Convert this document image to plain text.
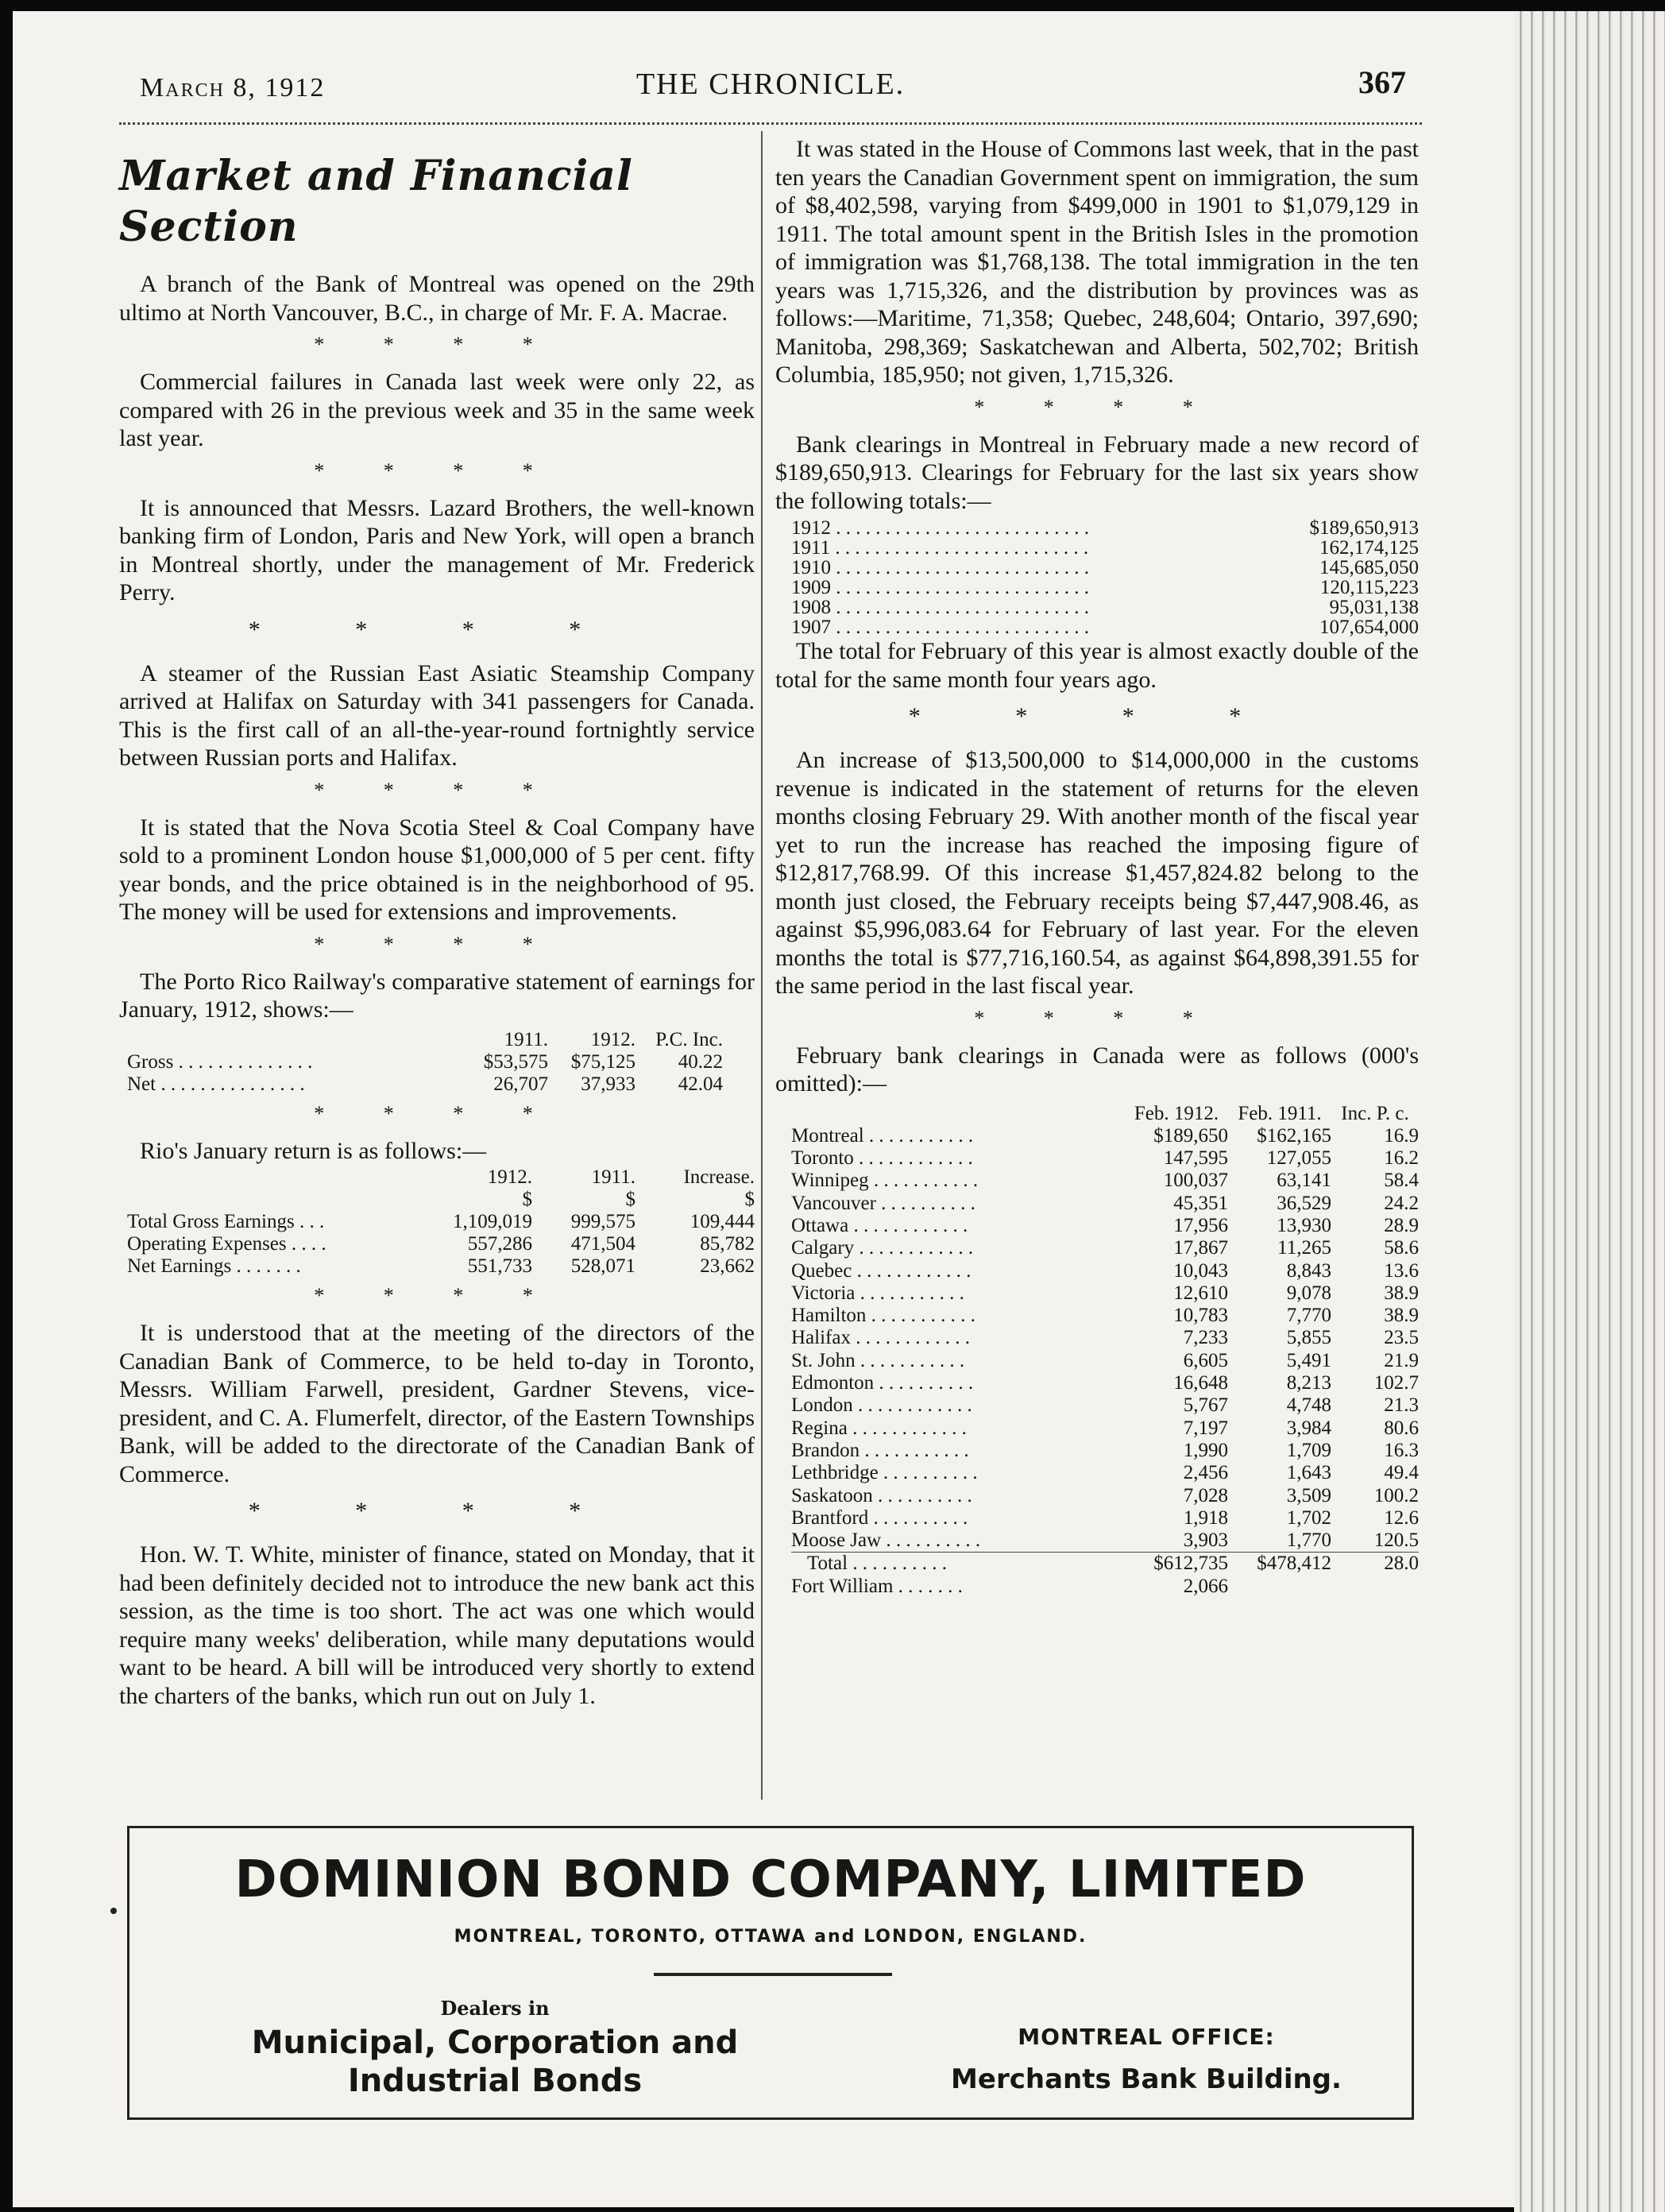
March 8, 1912	THE CHRONICLE.	367
Market and Financial Section

A branch of the Bank of Montreal was opened on the 29th ultimo at North Vancouver, B.C., in charge of Mr. F. A. Macrae.

* * * *

Commercial failures in Canada last week were only 22, as compared with 26 in the previous week and 35 in the same week last year.

* * * *

It is announced that Messrs. Lazard Brothers, the well-known banking firm of London, Paris and New York, will open a branch in Montreal shortly, under the management of Mr. Frederick Perry.

* * * *

A steamer of the Russian East Asiatic Steamship Company arrived at Halifax on Saturday with 341 passengers for Canada. This is the first call of an all-the-year-round fortnightly service between Russian ports and Halifax.

* * * *

It is stated that the Nova Scotia Steel & Coal Company have sold to a prominent London house $1,000,000 of 5 per cent. fifty year bonds, and the price obtained is in the neighborhood of 95. The money will be used for extensions and improvements.

* * * *

The Porto Rico Railway's comparative statement of earnings for January, 1912, shows:—

	1911.	1912.	P.C. Inc.
Gross . . . . . . . . . . . . . .	$53,575	$75,125	40.22
Net . . . . . . . . . . . . . . .	26,707	37,933	42.04
* * * *

Rio's January return is as follows:—

	1912.	1911.	Increase.
	$	$	$
Total Gross Earnings . . .	1,109,019	999,575	109,444
Operating Expenses . . . .	557,286	471,504	85,782
Net Earnings . . . . . . .	551,733	528,071	23,662
* * * *

It is understood that at the meeting of the directors of the Canadian Bank of Commerce, to be held to-day in Toronto, Messrs. William Farwell, president, Gardner Stevens, vice-president, and C. A. Flumerfelt, director, of the Eastern Townships Bank, will be added to the directorate of the Canadian Bank of Commerce.

* * * *

Hon. W. T. White, minister of finance, stated on Monday, that it had been definitely decided not to introduce the new bank act this session, as the time is too short. The act was one which would require many weeks' deliberation, while many deputations would want to be heard. A bill will be introduced very shortly to extend the charters of the banks, which run out on July 1.

It was stated in the House of Commons last week, that in the past ten years the Canadian Government spent on immigration, the sum of $8,402,598, varying from $499,000 in 1901 to $1,079,129 in 1911. The total amount spent in the British Isles in the promotion of immigration was $1,768,138. The total immigration in the ten years was 1,715,326, and the distribution by provinces was as follows:—Maritime, 71,358; Quebec, 248,604; Ontario, 397,690; Manitoba, 298,369; Saskatchewan and Alberta, 502,702; British Columbia, 185,950; not given, 1,715,326.

* * * *

Bank clearings in Montreal in February made a new record of $189,650,913. Clearings for February for the last six years show the following totals:—

1912 . . . . . . . . . . . . . . . . . . . . . . . . . .	$189,650,913
1911 . . . . . . . . . . . . . . . . . . . . . . . . . .	162,174,125
1910 . . . . . . . . . . . . . . . . . . . . . . . . . .	145,685,050
1909 . . . . . . . . . . . . . . . . . . . . . . . . . .	120,115,223
1908 . . . . . . . . . . . . . . . . . . . . . . . . . .	95,031,138
1907 . . . . . . . . . . . . . . . . . . . . . . . . . .	107,654,000

The total for February of this year is almost exactly double of the total for the same month four years ago.

* * * *

An increase of $13,500,000 to $14,000,000 in the customs revenue is indicated in the statement of returns for the eleven months closing February 29. With another month of the fiscal year yet to run the increase has reached the imposing figure of $12,817,768.99. Of this increase $1,457,824.82 belong to the month just closed, the February receipts being $7,447,908.46, as against $5,996,083.64 for February of last year. For the eleven months the total is $77,716,160.54, as against $64,898,391.55 for the same period in the last fiscal year.

* * * *

February bank clearings in Canada were as follows (000's omitted):—

	Feb. 1912.	Feb. 1911.	Inc. P. c.
Montreal . . . . . . . . . . .	$189,650	$162,165	16.9
Toronto . . . . . . . . . . . .	147,595	127,055	16.2
Winnipeg . . . . . . . . . . .	100,037	63,141	58.4
Vancouver . . . . . . . . . .	45,351	36,529	24.2
Ottawa . . . . . . . . . . . .	17,956	13,930	28.9
Calgary . . . . . . . . . . . .	17,867	11,265	58.6
Quebec . . . . . . . . . . . .	10,043	8,843	13.6
Victoria . . . . . . . . . . .	12,610	9,078	38.9
Hamilton . . . . . . . . . . .	10,783	7,770	38.9
Halifax . . . . . . . . . . . .	7,233	5,855	23.5
St. John . . . . . . . . . . .	6,605	5,491	21.9
Edmonton . . . . . . . . . .	16,648	8,213	102.7
London . . . . . . . . . . . .	5,767	4,748	21.3
Regina . . . . . . . . . . . .	7,197	3,984	80.6
Brandon . . . . . . . . . . .	1,990	1,709	16.3
Lethbridge . . . . . . . . . .	2,456	1,643	49.4
Saskatoon . . . . . . . . . .	7,028	3,509	100.2
Brantford . . . . . . . . . .	1,918	1,702	12.6
Moose Jaw . . . . . . . . . .	3,903	1,770	120.5
Total . . . . . . . . . .	$612,735	$478,412	28.0
Fort William . . . . . . .	2,066		
DOMINION BOND COMPANY, LIMITED
MONTREAL, TORONTO, OTTAWA and LONDON, ENGLAND.
Dealers in
Municipal, Corporation and
Industrial Bonds
MONTREAL OFFICE:
Merchants Bank Building.
